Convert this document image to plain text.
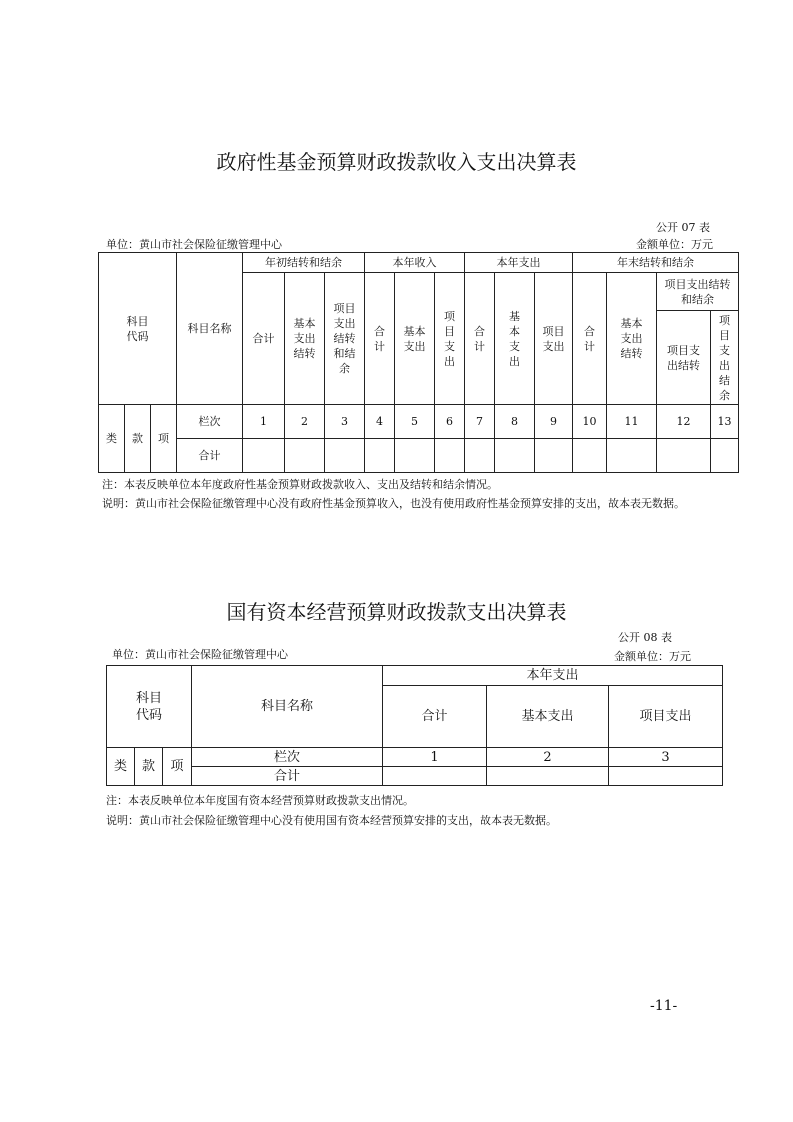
政府性基金预算财政拨款收入支出决算表
公开 07 表
单位：黄山市社会保险征缴管理中心	金额单位：万元
科目代码			科目名称	年初结转和结余			本年收入			本年支出			年末结转和结余			
				合计	基本支出结转	项目支出结转和结余	合计	基本支出	项目支出	合计	基本支出	项目支出	合计	基本支出结转	项目支出结转和结余	
															项目支出结转	项目支出结余
类	款	项	栏次	1	2	3	4	5	6	7	8	9	10	11	12	13
			合计													
注：本表反映单位本年度政府性基金预算财政拨款收入、支出及结转和结余情况。
说明：黄山市社会保险征缴管理中心没有政府性基金预算收入，也没有使用政府性基金预算安排的支出，故本表无数据。
国有资本经营预算财政拨款支出决算表
公开 08 表
单位：黄山市社会保险征缴管理中心	金额单位：万元
科目代码			科目名称	本年支出		
				合计	基本支出	项目支出
类	款	项	栏次	1	2	3
			合计			
注：本表反映单位本年度国有资本经营预算财政拨款支出情况。
说明：黄山市社会保险征缴管理中心没有使用国有资本经营预算安排的支出，故本表无数据。
-11-
